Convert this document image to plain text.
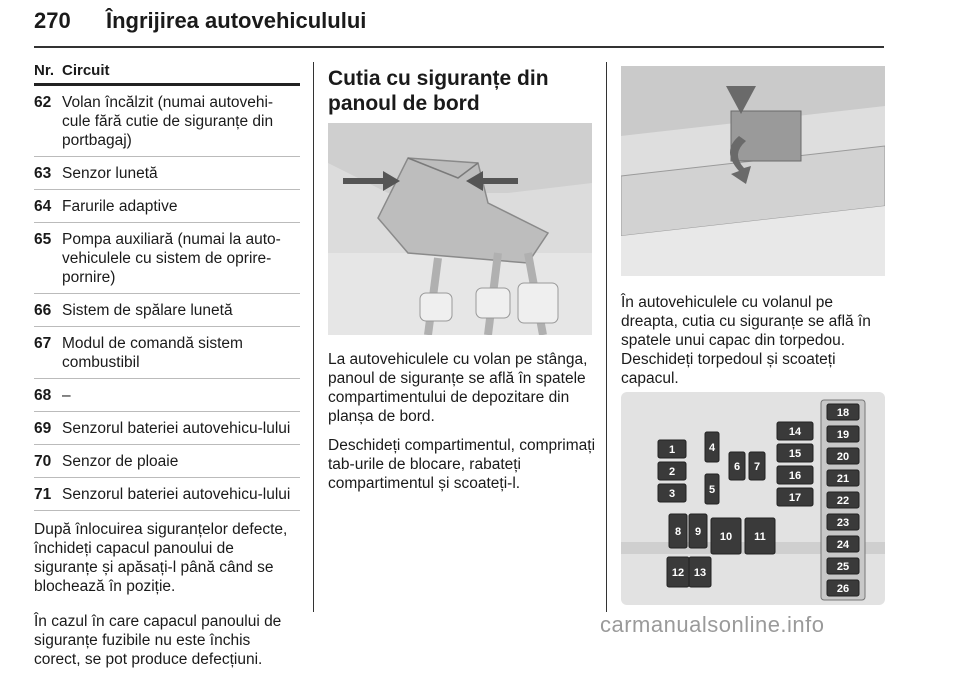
270 Îngrijirea autovehiculului
Nr. Circuit
62 Volan încălzit (numai autovehi-cule fără cutie de siguranțe din portbagaj)
63 Senzor lunetă
64 Farurile adaptive
65 Pompa auxiliară (numai la auto-vehiculele cu sistem de oprire-pornire)
66 Sistem de spălare lunetă
67 Modul de comandă sistem combustibil
68 –
69 Senzorul bateriei autovehicu-lului
70 Senzor de ploaie
71 Senzorul bateriei autovehicu-lului

După înlocuirea siguranțelor defecte, închideți capacul panoului de siguranțe și apăsați-l până când se blochează în poziție.

În cazul în care capacul panoului de siguranțe fuzibile nu este închis corect, se pot produce defecțiuni.

Cutia cu siguranțe din
panoul de bord

La autovehiculele cu volan pe stânga, panoul de siguranțe se află în spatele compartimentului de depozitare din planșa de bord.

Deschideți compartimentul, comprimați tab-urile de blocare, rabateți compartimentul și scoateți-l.

În autovehiculele cu volanul pe dreapta, cutia cu siguranțe se află în spatele unui capac din torpedou. Deschideți torpedoul și scoateți capacul.

1
2
3
4
5
6 7
8 9 10 11
12 13
14
15
16
17
18
19
20
21
22
23
24
25
26
carmanualsonline.info
